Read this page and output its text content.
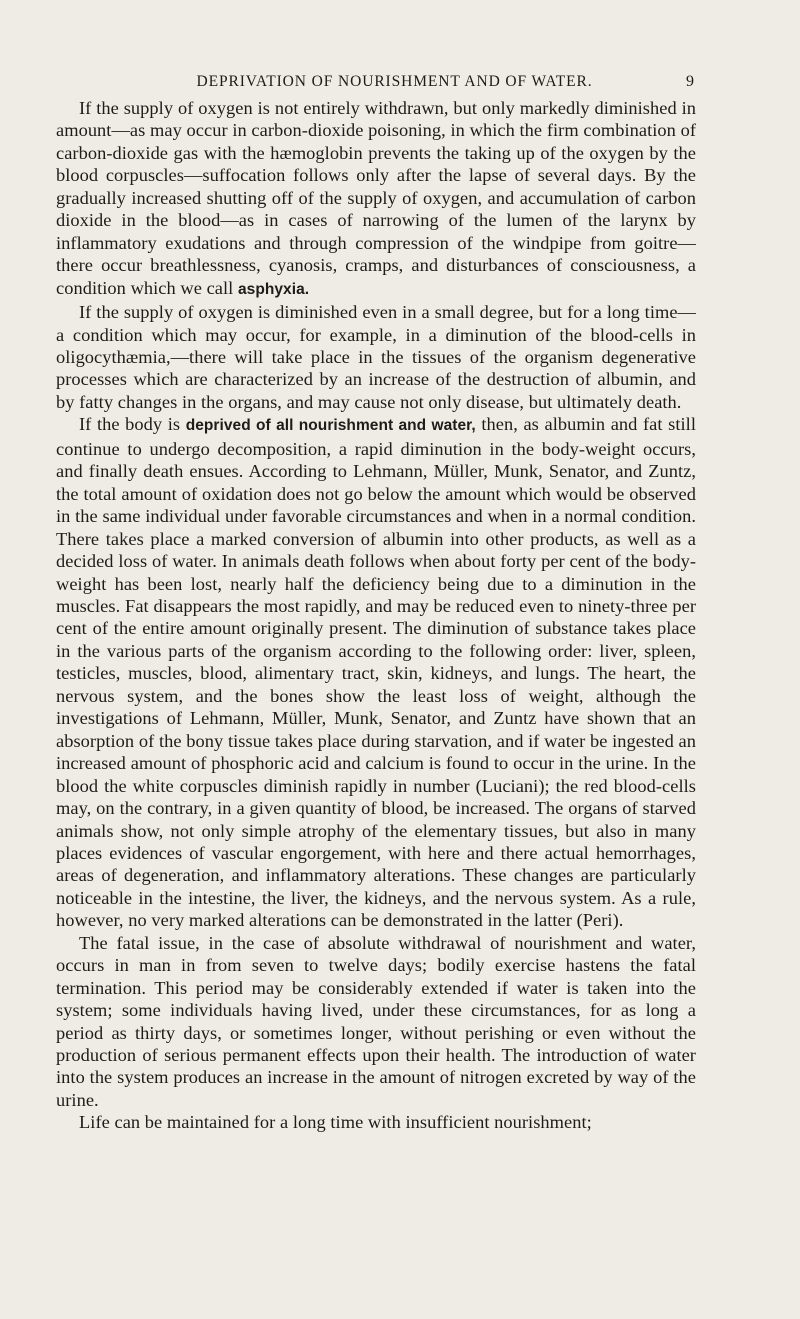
DEPRIVATION OF NOURISHMENT AND OF WATER.	9

If the supply of oxygen is not entirely withdrawn, but only markedly diminished in amount—as may occur in carbon-dioxide poisoning, in which the firm combination of carbon-dioxide gas with the hæmoglobin prevents the taking up of the oxygen by the blood corpuscles—suffocation follows only after the lapse of several days. By the gradually increased shutting off of the supply of oxygen, and accumulation of carbon dioxide in the blood—as in cases of narrowing of the lumen of the larynx by inflammatory exudations and through compression of the windpipe from goitre—there occur breathlessness, cyanosis, cramps, and disturbances of consciousness, a condition which we call asphyxia.

If the supply of oxygen is diminished even in a small degree, but for a long time—a condition which may occur, for example, in a diminution of the blood-cells in oligocythæmia,—there will take place in the tissues of the organism degenerative processes which are characterized by an increase of the destruction of albumin, and by fatty changes in the organs, and may cause not only disease, but ultimately death.

If the body is deprived of all nourishment and water, then, as albumin and fat still continue to undergo decomposition, a rapid diminution in the body-weight occurs, and finally death ensues. According to Lehmann, Müller, Munk, Senator, and Zuntz, the total amount of oxidation does not go below the amount which would be observed in the same individual under favorable circumstances and when in a normal condition. There takes place a marked conversion of albumin into other products, as well as a decided loss of water. In animals death follows when about forty per cent of the body-weight has been lost, nearly half the deficiency being due to a diminution in the muscles. Fat disappears the most rapidly, and may be reduced even to ninety-three per cent of the entire amount originally present. The diminution of substance takes place in the various parts of the organism according to the following order: liver, spleen, testicles, muscles, blood, alimentary tract, skin, kidneys, and lungs. The heart, the nervous system, and the bones show the least loss of weight, although the investigations of Lehmann, Müller, Munk, Senator, and Zuntz have shown that an absorption of the bony tissue takes place during starvation, and if water be ingested an increased amount of phosphoric acid and calcium is found to occur in the urine. In the blood the white corpuscles diminish rapidly in number (Luciani); the red blood-cells may, on the contrary, in a given quantity of blood, be increased. The organs of starved animals show, not only simple atrophy of the elementary tissues, but also in many places evidences of vascular engorgement, with here and there actual hemorrhages, areas of degeneration, and inflammatory alterations. These changes are particularly noticeable in the intestine, the liver, the kidneys, and the nervous system. As a rule, however, no very marked alterations can be demonstrated in the latter (Peri).

The fatal issue, in the case of absolute withdrawal of nourishment and water, occurs in man in from seven to twelve days; bodily exercise hastens the fatal termination. This period may be considerably extended if water is taken into the system; some individuals having lived, under these circumstances, for as long a period as thirty days, or sometimes longer, without perishing or even without the production of serious permanent effects upon their health. The introduction of water into the system produces an increase in the amount of nitrogen excreted by way of the urine.

Life can be maintained for a long time with insufficient nourishment;
